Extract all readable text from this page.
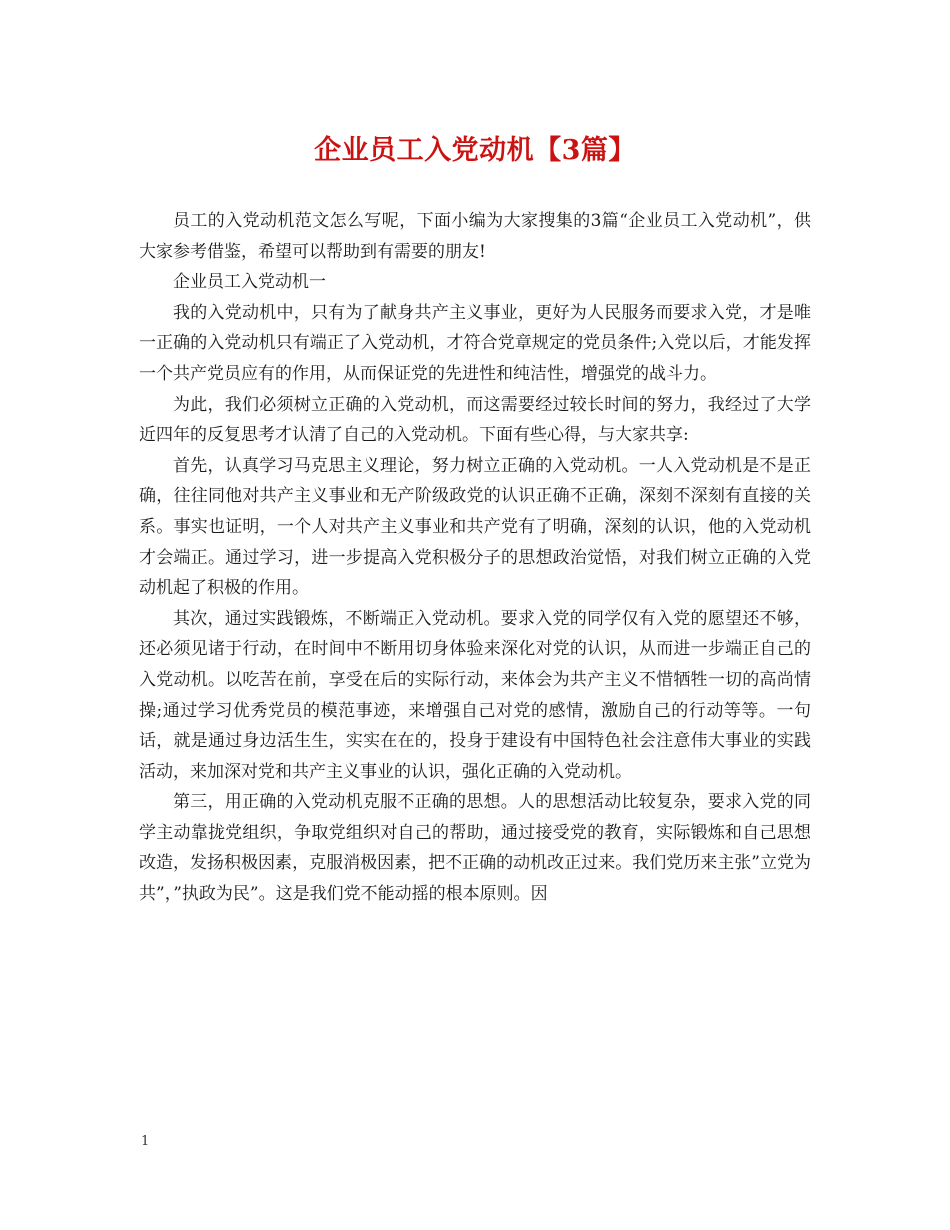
企业员工入党动机【3篇】

员工的入党动机范文怎么写呢，下面小编为大家搜集的3篇“企业员工入党动机”，供大家参考借鉴，希望可以帮助到有需要的朋友!

企业员工入党动机一

我的入党动机中，只有为了献身共产主义事业，更好为人民服务而要求入党，才是唯一正确的入党动机只有端正了入党动机，才符合党章规定的党员条件;入党以后，才能发挥一个共产党员应有的作用，从而保证党的先进性和纯洁性，增强党的战斗力。

为此，我们必须树立正确的入党动机，而这需要经过较长时间的努力，我经过了大学近四年的反复思考才认清了自己的入党动机。下面有些心得，与大家共享:

首先，认真学习马克思主义理论，努力树立正确的入党动机。一人入党动机是不是正确，往往同他对共产主义事业和无产阶级政党的认识正确不正确，深刻不深刻有直接的关系。事实也证明，一个人对共产主义事业和共产党有了明确，深刻的认识，他的入党动机才会端正。通过学习，进一步提高入党积极分子的思想政治觉悟，对我们树立正确的入党动机起了积极的作用。

其次，通过实践锻炼，不断端正入党动机。要求入党的同学仅有入党的愿望还不够，还必须见诸于行动，在时间中不断用切身体验来深化对党的认识，从而进一步端正自己的入党动机。以吃苦在前，享受在后的实际行动，来体会为共产主义不惜牺牲一切的高尚情操;通过学习优秀党员的模范事迹，来增强自己对党的感情，激励自己的行动等等。一句话，就是通过身边活生生，实实在在的，投身于建设有中国特色社会注意伟大事业的实践活动，来加深对党和共产主义事业的认识，强化正确的入党动机。

第三，用正确的入党动机克服不正确的思想。人的思想活动比较复杂，要求入党的同学主动靠拢党组织，争取党组织对自己的帮助，通过接受党的教育，实际锻炼和自己思想改造，发扬积极因素，克服消极因素，把不正确的动机改正过来。我们党历来主张”立党为共”，”执政为民”。这是我们党不能动摇的根本原则。因

1
